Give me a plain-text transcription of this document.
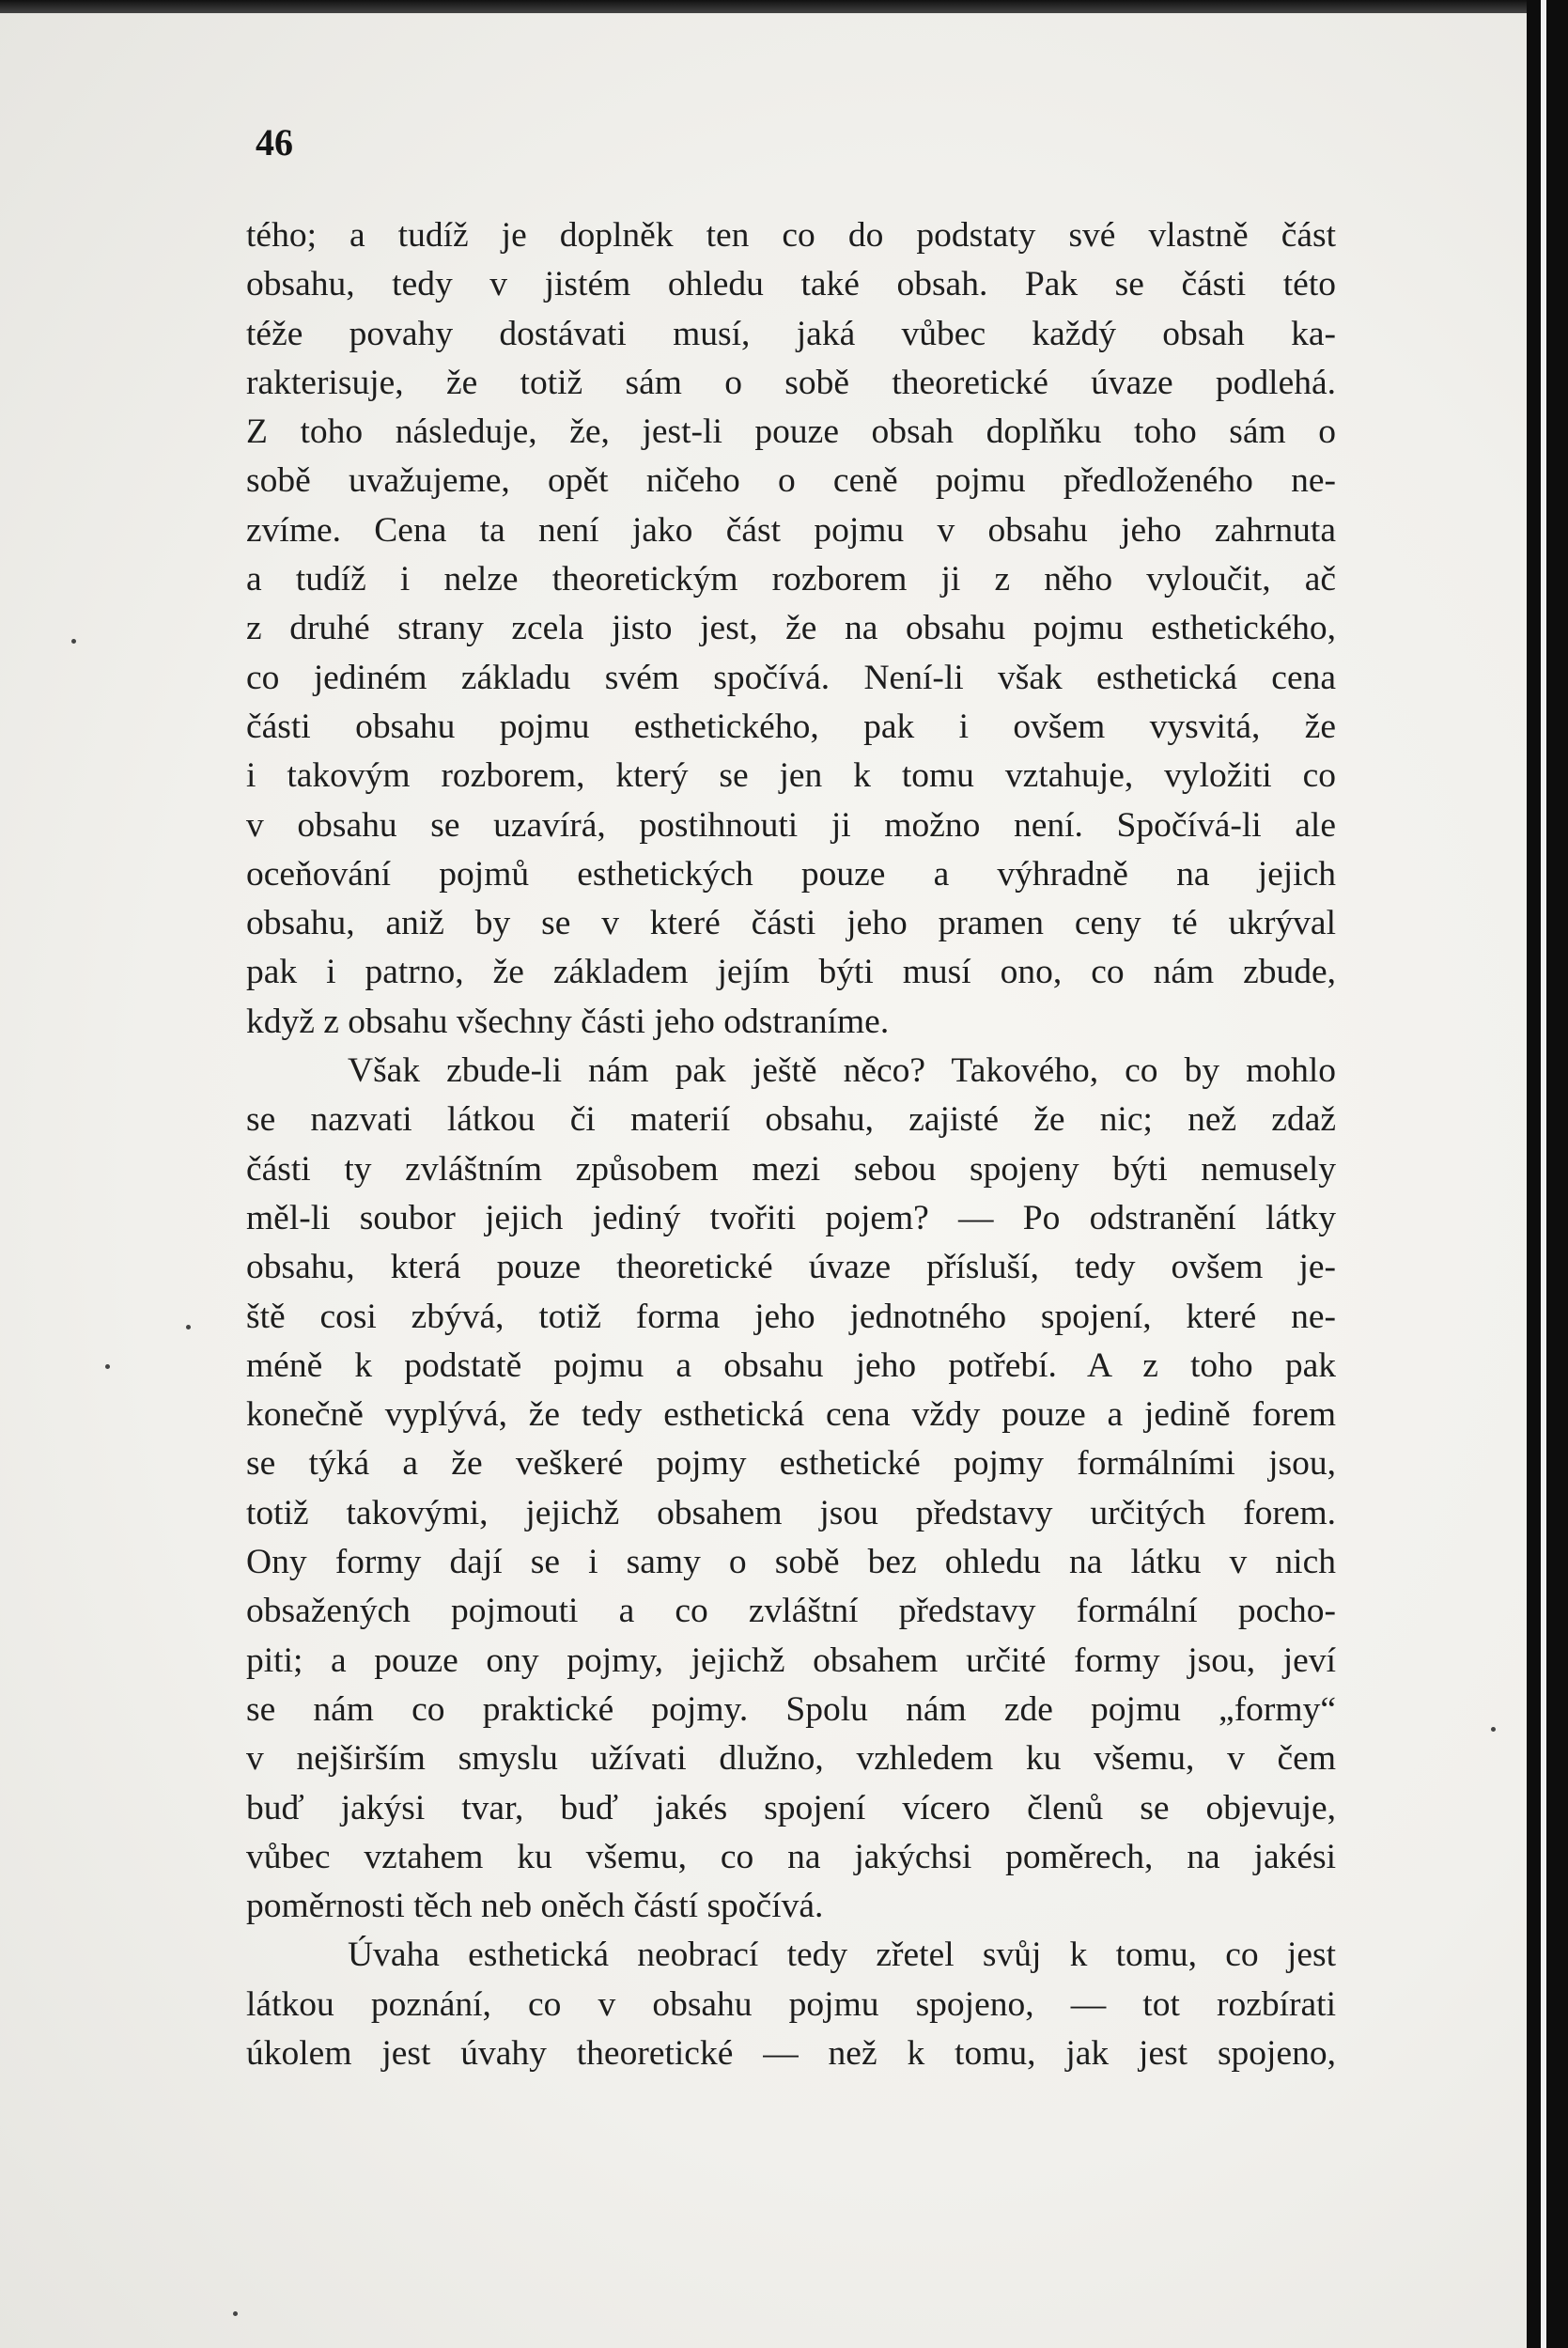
46
tého; a tudíž je doplněk ten co do podstaty své vlastně část
obsahu, tedy v jistém ohledu také obsah. Pak se části této
téže povahy dostávati musí, jaká vůbec každý obsah ka-
rakterisuje, že totiž sám o sobě theoretické úvaze podlehá.
Z toho následuje, že, jest-li pouze obsah doplňku toho sám o
sobě uvažujeme, opět ničeho o ceně pojmu předloženého ne-
zvíme. Cena ta není jako část pojmu v obsahu jeho zahrnuta
a tudíž i nelze theoretickým rozborem ji z něho vyloučit, ač
z druhé strany zcela jisto jest, že na obsahu pojmu esthetického,
co jediném základu svém spočívá. Není-li však esthetická cena
části obsahu pojmu esthetického, pak i ovšem vysvitá, že
i takovým rozborem, který se jen k tomu vztahuje, vyložiti co
v obsahu se uzavírá, postihnouti ji možno není. Spočívá-li ale
oceňování pojmů esthetických pouze a výhradně na jejich
obsahu, aniž by se v které části jeho pramen ceny té ukrýval
pak i patrno, že základem jejím býti musí ono, co nám zbude,
když z obsahu všechny části jeho odstraníme.
Však zbude-li nám pak ještě něco? Takového, co by mohlo
se nazvati látkou či materií obsahu, zajisté že nic; než zdaž
části ty zvláštním způsobem mezi sebou spojeny býti nemusely
měl-li soubor jejich jediný tvořiti pojem? — Po odstranění látky
obsahu, která pouze theoretické úvaze přísluší, tedy ovšem je-
ště cosi zbývá, totiž forma jeho jednotného spojení, které ne-
méně k podstatě pojmu a obsahu jeho potřebí. A z toho pak
konečně vyplývá, že tedy esthetická cena vždy pouze a jedině forem
se týká a že veškeré pojmy esthetické pojmy formálními jsou,
totiž takovými, jejichž obsahem jsou představy určitých forem.
Ony formy dají se i samy o sobě bez ohledu na látku v nich
obsažených pojmouti a co zvláštní představy formální pocho-
piti; a pouze ony pojmy, jejichž obsahem určité formy jsou, jeví
se nám co praktické pojmy. Spolu nám zde pojmu „formy“
v nejširším smyslu užívati dlužno, vzhledem ku všemu, v čem
buď jakýsi tvar, buď jakés spojení vícero členů se objevuje,
vůbec vztahem ku všemu, co na jakýchsi poměrech, na jakési
poměrnosti těch neb oněch částí spočívá.
Úvaha esthetická neobrací tedy zřetel svůj k tomu, co jest
látkou poznání, co v obsahu pojmu spojeno, — tot rozbírati
úkolem jest úvahy theoretické — než k tomu, jak jest spojeno,
